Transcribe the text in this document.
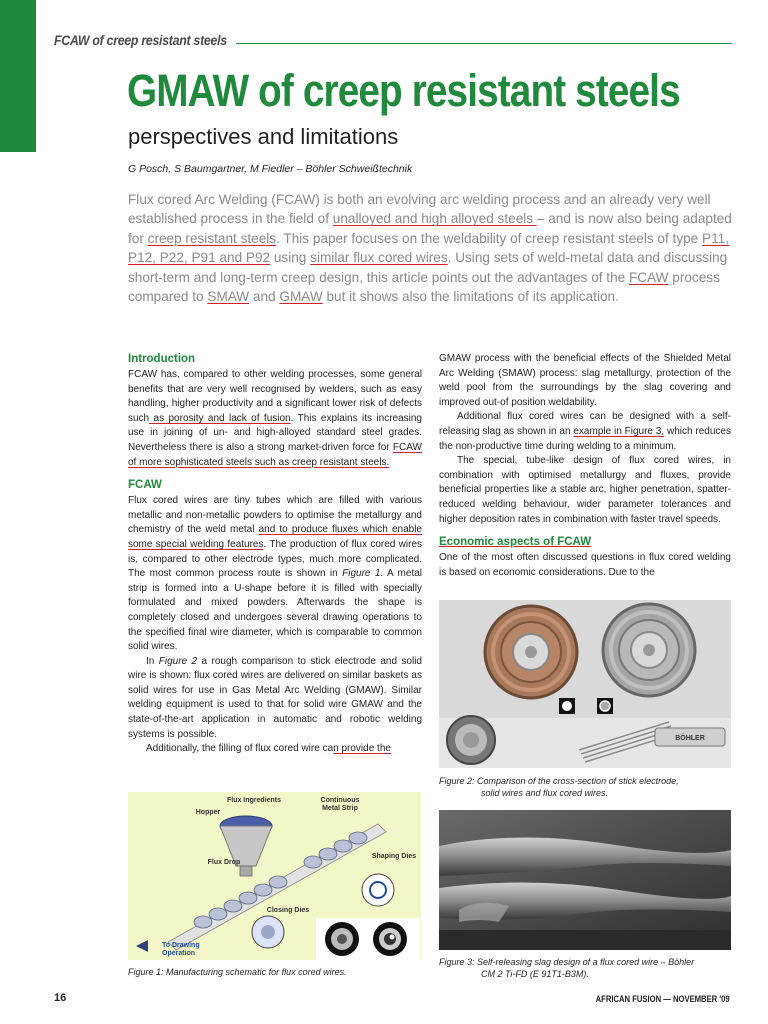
FCAW of creep resistant steels
GMAW of creep resistant steels
perspectives and limitations
G Posch, S Baumgartner, M Fiedler – Böhler Schweißtechnik

Flux cored Arc Welding (FCAW) is both an evolving arc welding process and an already very well established process in the field of unalloyed and high alloyed steels – and is now also being adapted for creep resistant steels. This paper focuses on the weldability of creep resistant steels of type P11, P12, P22, P91 and P92 using similar flux cored wires. Using sets of weld-metal data and discussing short-term and long-term creep design, this article points out the advantages of the FCAW process compared to SMAW and GMAW but it shows also the limitations of its application.

Introduction

FCAW has, compared to other welding processes, some general benefits that are very well recognised by welders, such as easy handling, higher productivity and a significant lower risk of defects such as porosity and lack of fusion. This explains its increasing use in joining of un- and high-alloyed standard steel grades. Nevertheless there is also a strong market-driven force for FCAW of more sophisticated steels such as creep resistant steels.

FCAW

Flux cored wires are tiny tubes which are filled with various metallic and non-metallic powders to optimise the metallurgy and chemistry of the weld metal and to produce fluxes which enable some special welding features. The production of flux cored wires is, compared to other electrode types, much more complicated. The most common process route is shown in Figure 1. A metal strip is formed into a U-shape before it is filled with specially formulated and mixed powders. Afterwards the shape is completely closed and undergoes several drawing operations to the specified final wire diameter, which is comparable to common solid wires.

In Figure 2 a rough comparison to stick electrode and solid wire is shown: flux cored wires are delivered on similar baskets as solid wires for use in Gas Metal Arc Welding (GMAW). Similar welding equipment is used to that for solid wire GMAW and the state-of-the-art application in automatic and robotic welding systems is possible.

Additionally, the filling of flux cored wire can provide the

GMAW process with the beneficial effects of the Shielded Metal Arc Welding (SMAW) process: slag metallurgy, protection of the weld pool from the surroundings by the slag covering and improved out-of position weldability.

Additional flux cored wires can be designed with a self-releasing slag as shown in an example in Figure 3, which reduces the non-productive time during welding to a minimum.

The special, tube-like design of flux cored wires, in combination with optimised metallurgy and fluxes, provide beneficial properties like a stable arc, higher penetration, spatter-reduced welding behaviour, wider parameter tolerances and higher deposition rates in combination with faster travel speeds.

Economic aspects of FCAW

One of the most often discussed questions in flux cored welding is based on economic considerations. Due to the

BÖHLER
Figure 2: Comparison of the cross-section of stick electrode,
solid wires and flux cored wires.
Figure 3: Self-releasing slag design of a flux cored wire – Böhler
CM 2 Ti-FD (E 91T1-B3M).
Flux Ingredients	Continuous
Metal Strip
Hopper
Shaping Dies
Flux Drop
Closing Dies
To Drawing
Operation
Figure 1: Manufacturing schematic for flux cored wires.
16	AFRICAN FUSION — NOVEMBER '09
